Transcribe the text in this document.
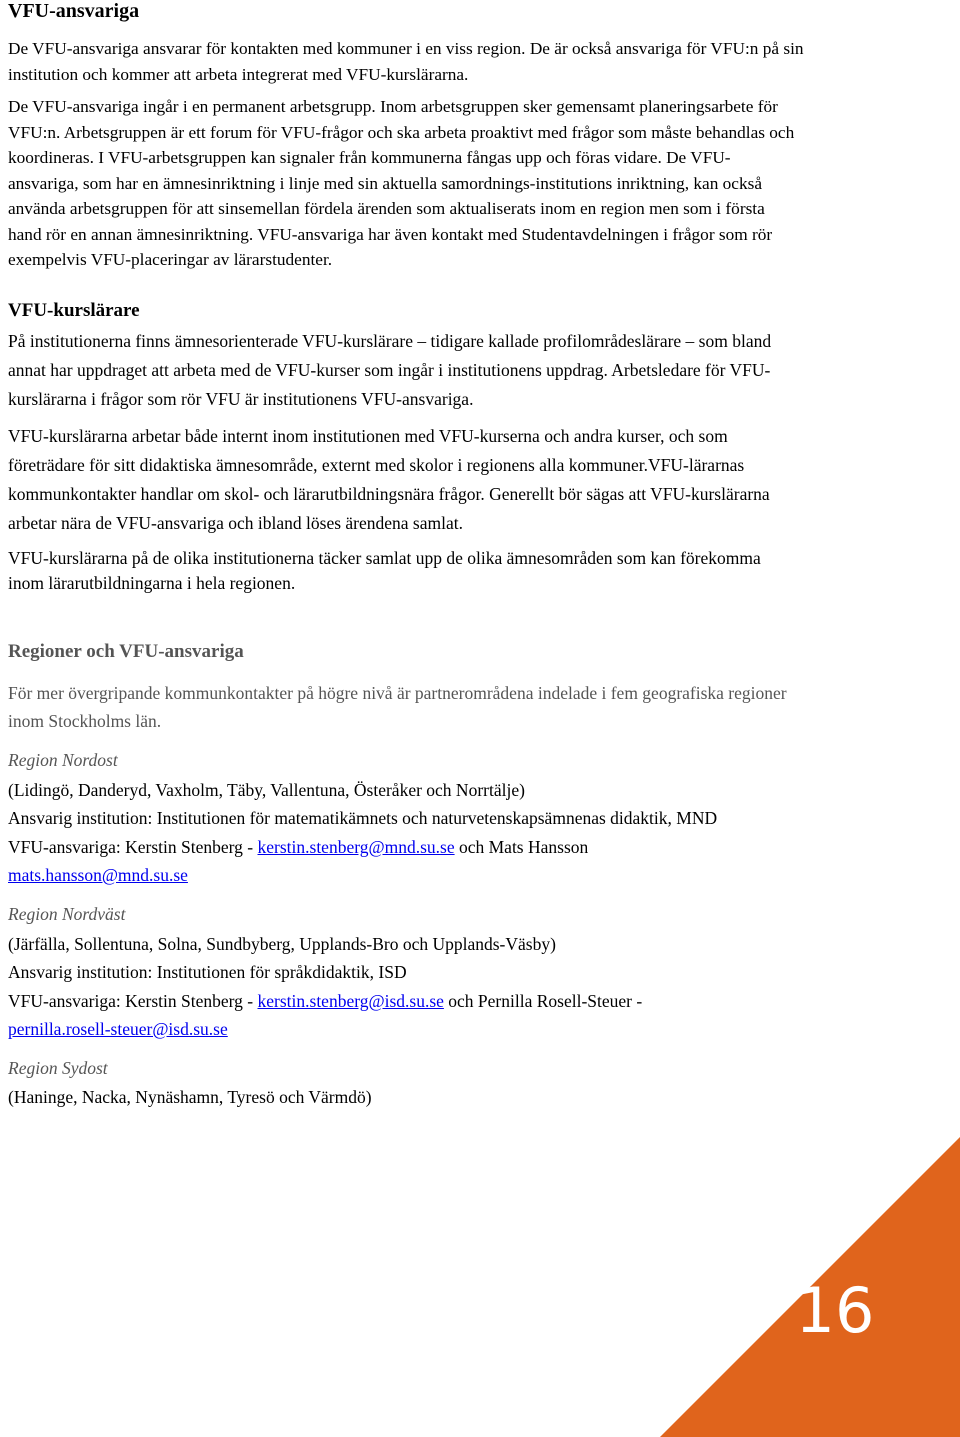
VFU-ansvariga

De VFU-ansvariga ansvarar för kontakten med kommuner i en viss region. De är också ansvariga för VFU:n på sin institution och kommer att arbeta integrerat med VFU-kurslärarna.

De VFU-ansvariga ingår i en permanent arbetsgrupp. Inom arbetsgruppen sker gemensamt planeringsarbete för VFU:n. Arbetsgruppen är ett forum för VFU-frågor och ska arbeta proaktivt med frågor som måste behandlas och koordineras. I VFU-arbetsgruppen kan signaler från kommunerna fångas upp och föras vidare. De VFU-ansvariga, som har en ämnesinriktning i linje med sin aktuella samordnings-institutions inriktning, kan också använda arbetsgruppen för att sinsemellan fördela ärenden som aktualiserats inom en region men som i första hand rör en annan ämnesinriktning. VFU-ansvariga har även kontakt med Studentavdelningen i frågor som rör exempelvis VFU-placeringar av lärarstudenter.

VFU-kurslärare

På institutionerna finns ämnesorienterade VFU-kurslärare – tidigare kallade profilområdeslärare – som bland annat har uppdraget att arbeta med de VFU-kurser som ingår i institutionens uppdrag. Arbetsledare för VFU-kurslärarna i frågor som rör VFU är institutionens VFU-ansvariga.

VFU-kurslärarna arbetar både internt inom institutionen med VFU-kurserna och andra kurser, och som företrädare för sitt didaktiska ämnesområde, externt med skolor i regionens alla kommuner.VFU-lärarnas kommunkontakter handlar om skol- och lärarutbildningsnära frågor. Generellt bör sägas att VFU-kurslärarna arbetar nära de VFU-ansvariga och ibland löses ärendena samlat.

VFU-kurslärarna på de olika institutionerna täcker samlat upp de olika ämnesområden som kan förekomma inom lärarutbildningarna i hela regionen.

Regioner och VFU-ansvariga

För mer övergripande kommunkontakter på högre nivå är partnerområdena indelade i fem geografiska regioner inom Stockholms län.

Region Nordost

(Lidingö, Danderyd, Vaxholm, Täby, Vallentuna, Österåker och Norrtälje)

Ansvarig institution: Institutionen för matematikämnets och naturvetenskapsämnenas didaktik, MND

VFU-ansvariga: Kerstin Stenberg - kerstin.stenberg@mnd.su.se och Mats Hansson
mats.hansson@mnd.su.se

Region Nordväst

(Järfälla, Sollentuna, Solna, Sundbyberg, Upplands-Bro och Upplands-Väsby)

Ansvarig institution: Institutionen för språkdidaktik, ISD

VFU-ansvariga: Kerstin Stenberg - kerstin.stenberg@isd.su.se och Pernilla Rosell-Steuer -
pernilla.rosell-steuer@isd.su.se

Region Sydost

(Haninge, Nacka, Nynäshamn, Tyresö och Värmdö)

16
